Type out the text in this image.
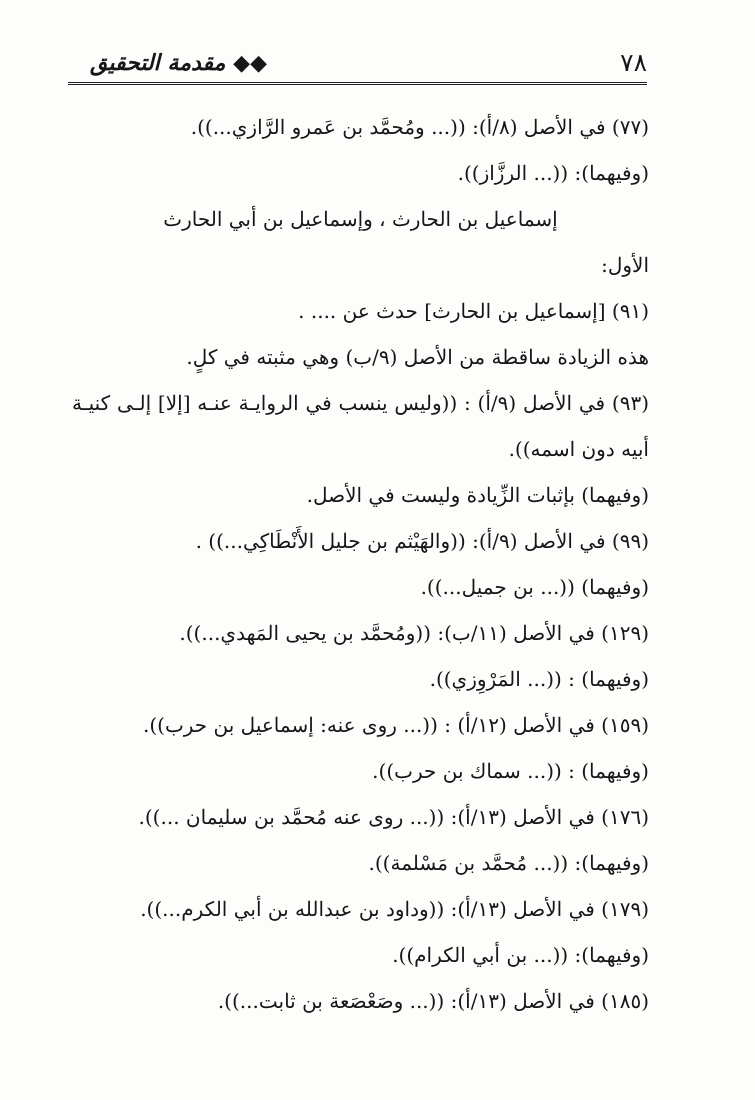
مقدمة التحقيق ◆◆	٧٨
(٧٧) في الأصل (٨/أ): ((... ومُحمَّد بن عَمرو الرَّازي...)).
(وفيهما): ((... الرزَّاز)).
إسماعيل بن الحارث ، وإسماعيل بن أبي الحارث
الأول:
(٩١) [إسماعيل بن الحارث] حدث عن .... .
هذه الزيادة ساقطة من الأصل (٩/ب) وهي مثبته في كلٍ.
(٩٣) في الأصل (٩/أ) : ((وليس ينسب في الروايـة عنـه [إلا] إلـى كنيـة
أبيه دون اسمه)).
(وفيهما) بإثبات الزِّيادة وليست في الأصل.
(٩٩) في الأصل (٩/أ): ((والهَيْثم بن جليل الأَنْطَاكِي...)) .
(وفيهما) ((... بن جميل...)).
(١٢٩) في الأصل (١١/ب): ((ومُحمَّد بن يحيى المَهدي...)).
(وفيهما) : ((... المَرْوِزي)).
(١٥٩) في الأصل (١٢/أ) : ((... روى عنه: إسماعيل بن حرب)).
(وفيهما) : ((... سماك بن حرب)).
(١٧٦) في الأصل (١٣/أ): ((... روى عنه مُحمَّد بن سليمان ...)).
(وفيهما): ((... مُحمَّد بن مَسْلمة)).
(١٧٩) في الأصل (١٣/أ): ((وداود بن عبدالله بن أبي الكرم...)).
(وفيهما): ((... بن أبي الكرام)).
(١٨٥) في الأصل (١٣/أ): ((... وصَعْصَعة بن ثابت...)).
